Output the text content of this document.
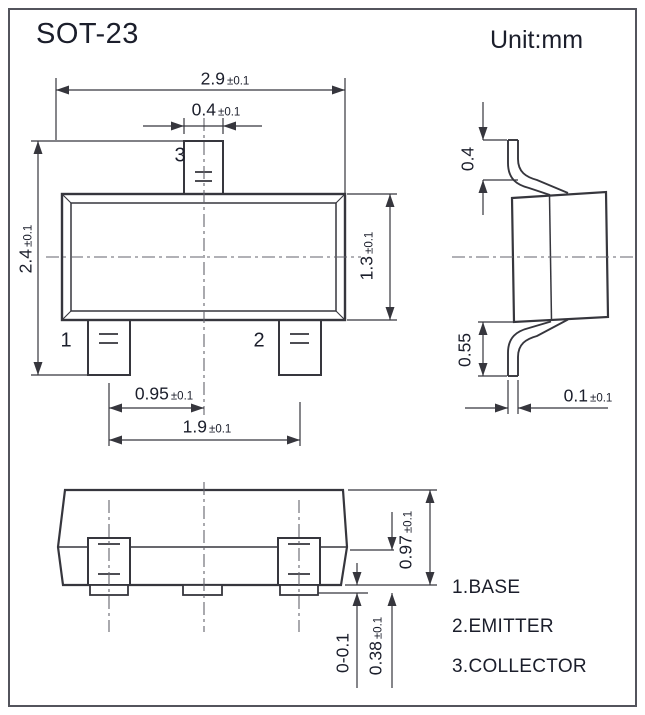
SOT-23	Unit:mm
2.9 ±0.1
0.4 ±0.1
2.4±0.1
1.3±0.1
0.95 ±0.1
1.9 ±0.1
3
1	2
0.4
0.55
0.1 ±0.1
0.97±0.1
0-0.1 0.38±0.1
1.BASE
2.EMITTER
3.COLLECTOR
